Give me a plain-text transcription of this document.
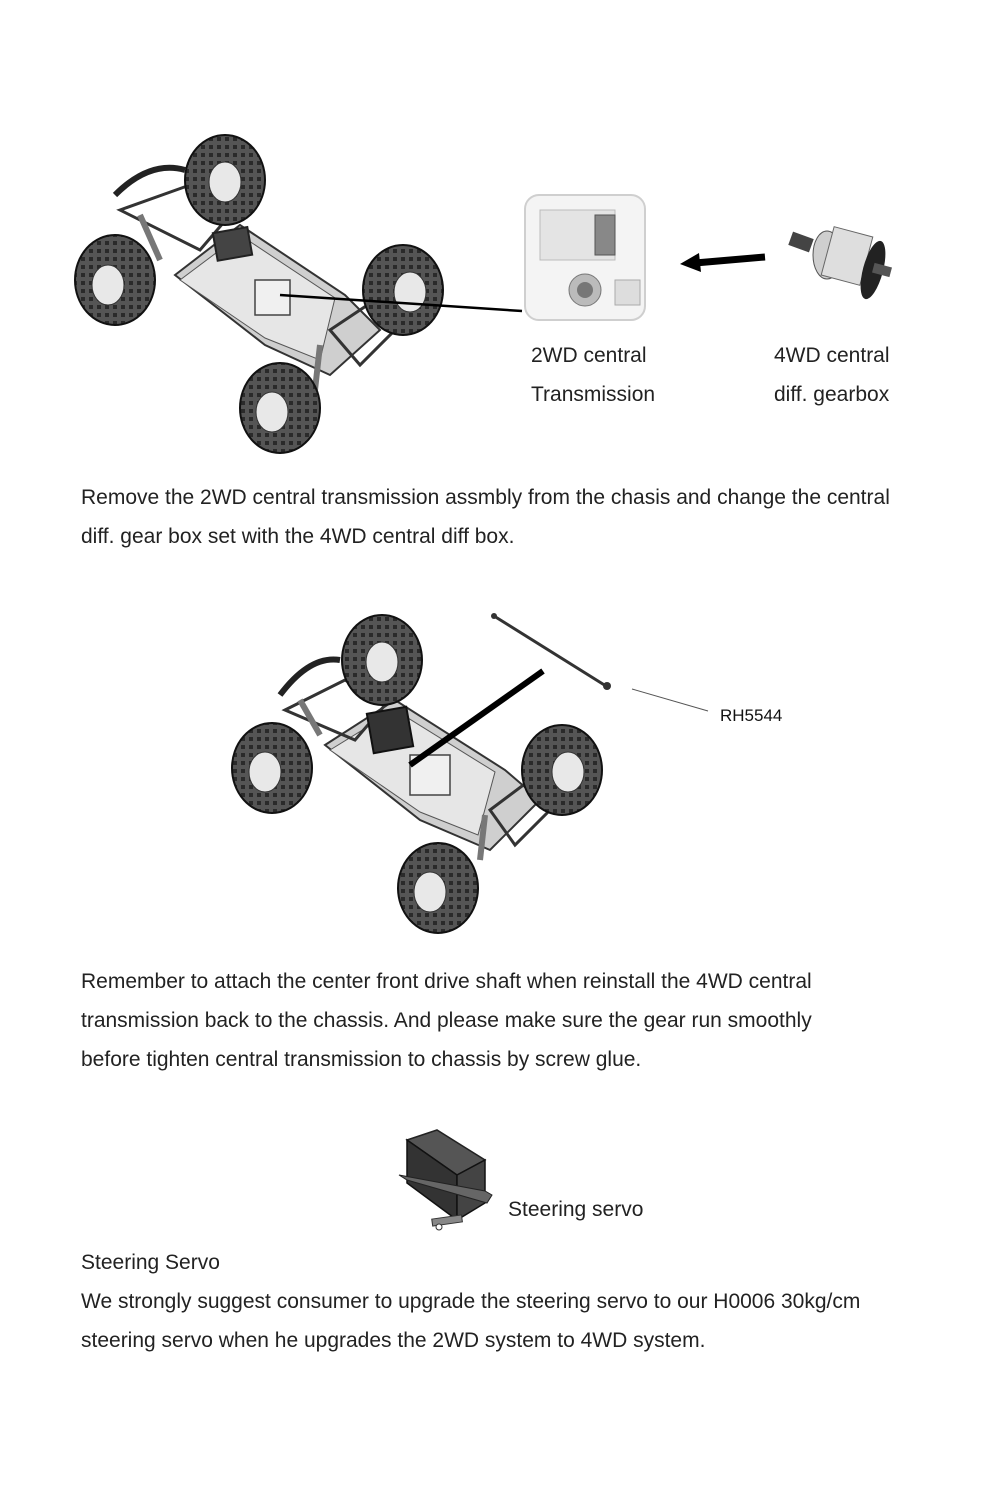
2WD central
Transmission
4WD central
diff. gearbox
Remove the 2WD central transmission assmbly from the chasis and change the central
diff. gear box set with the 4WD central diff box.
RH5544
Remember to attach the center front drive shaft when reinstall the 4WD central
transmission back to the chassis. And please make sure the gear run smoothly
before tighten central transmission to chassis by screw glue.
Steering servo
Steering Servo
We strongly suggest consumer to upgrade the steering servo to our H0006 30kg/cm
steering servo when he upgrades the 2WD system to 4WD system.
